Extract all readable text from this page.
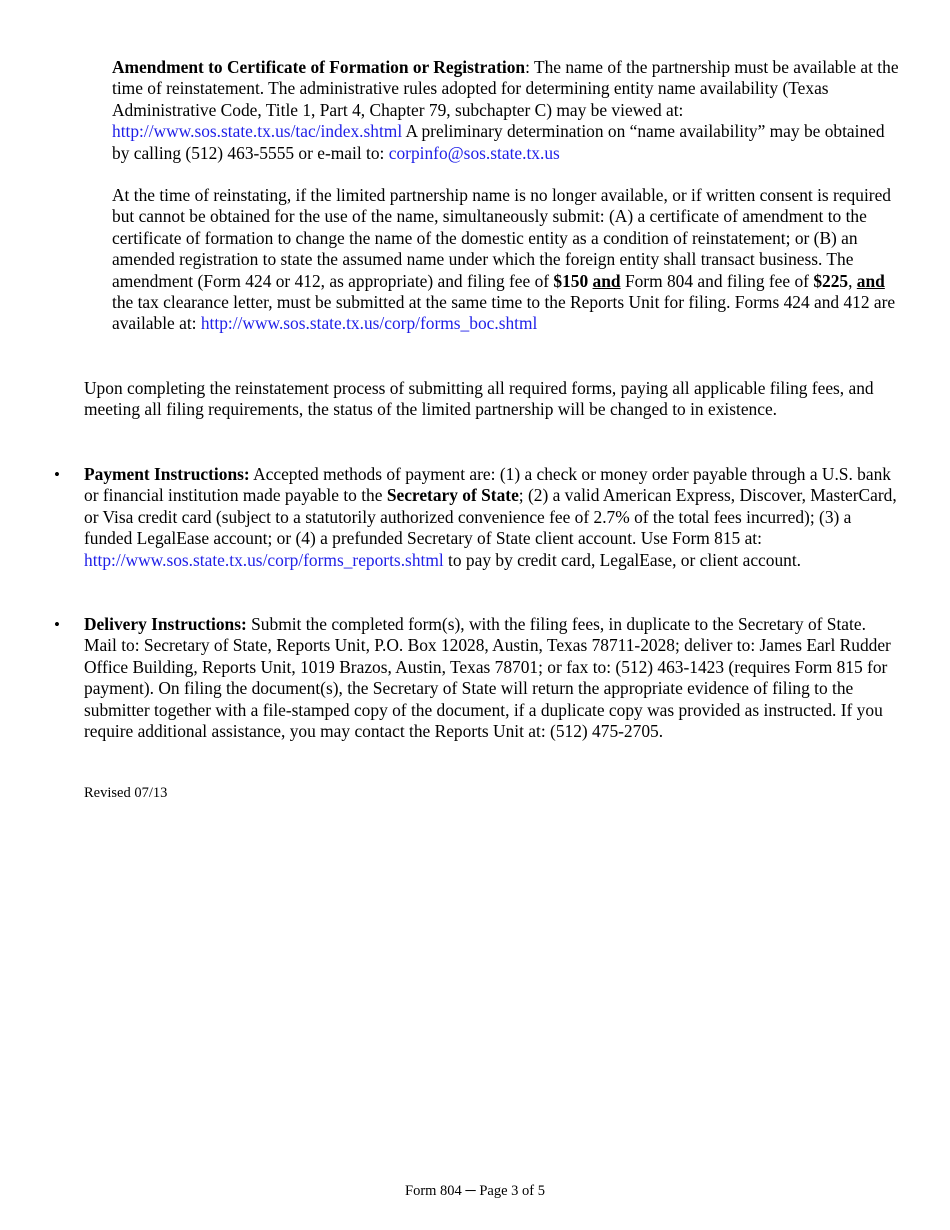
Amendment to Certificate of Formation or Registration: The name of the partnership must be available at the time of reinstatement. The administrative rules adopted for determining entity name availability (Texas Administrative Code, Title 1, Part 4, Chapter 79, subchapter C) may be viewed at: http://www.sos.state.tx.us/tac/index.shtml A preliminary determination on “name availability” may be obtained by calling (512) 463-5555 or e-mail to: corpinfo@sos.state.tx.us

At the time of reinstating, if the limited partnership name is no longer available, or if written consent is required but cannot be obtained for the use of the name, simultaneously submit: (A) a certificate of amendment to the certificate of formation to change the name of the domestic entity as a condition of reinstatement; or (B) an amended registration to state the assumed name under which the foreign entity shall transact business. The amendment (Form 424 or 412, as appropriate) and filing fee of $150 and Form 804 and filing fee of $225, and the tax clearance letter, must be submitted at the same time to the Reports Unit for filing. Forms 424 and 412 are available at: http://www.sos.state.tx.us/corp/forms_boc.shtml

Upon completing the reinstatement process of submitting all required forms, paying all applicable filing fees, and meeting all filing requirements, the status of the limited partnership will be changed to in existence.

• Payment Instructions: Accepted methods of payment are: (1) a check or money order payable through a U.S. bank or financial institution made payable to the Secretary of State; (2) a valid American Express, Discover, MasterCard, or Visa credit card (subject to a statutorily authorized convenience fee of 2.7% of the total fees incurred); (3) a funded LegalEase account; or (4) a prefunded Secretary of State client account. Use Form 815 at: http://www.sos.state.tx.us/corp/forms_reports.shtml to pay by credit card, LegalEase, or client account.
• Delivery Instructions: Submit the completed form(s), with the filing fees, in duplicate to the Secretary of State. Mail to: Secretary of State, Reports Unit, P.O. Box 12028, Austin, Texas 78711-2028; deliver to: James Earl Rudder Office Building, Reports Unit, 1019 Brazos, Austin, Texas 78701; or fax to: (512) 463-1423 (requires Form 815 for payment). On filing the document(s), the Secretary of State will return the appropriate evidence of filing to the submitter together with a file-stamped copy of the document, if a duplicate copy was provided as instructed. If you require additional assistance, you may contact the Reports Unit at: (512) 475-2705.
Revised 07/13
Form 804 ─ Page 3 of 5
